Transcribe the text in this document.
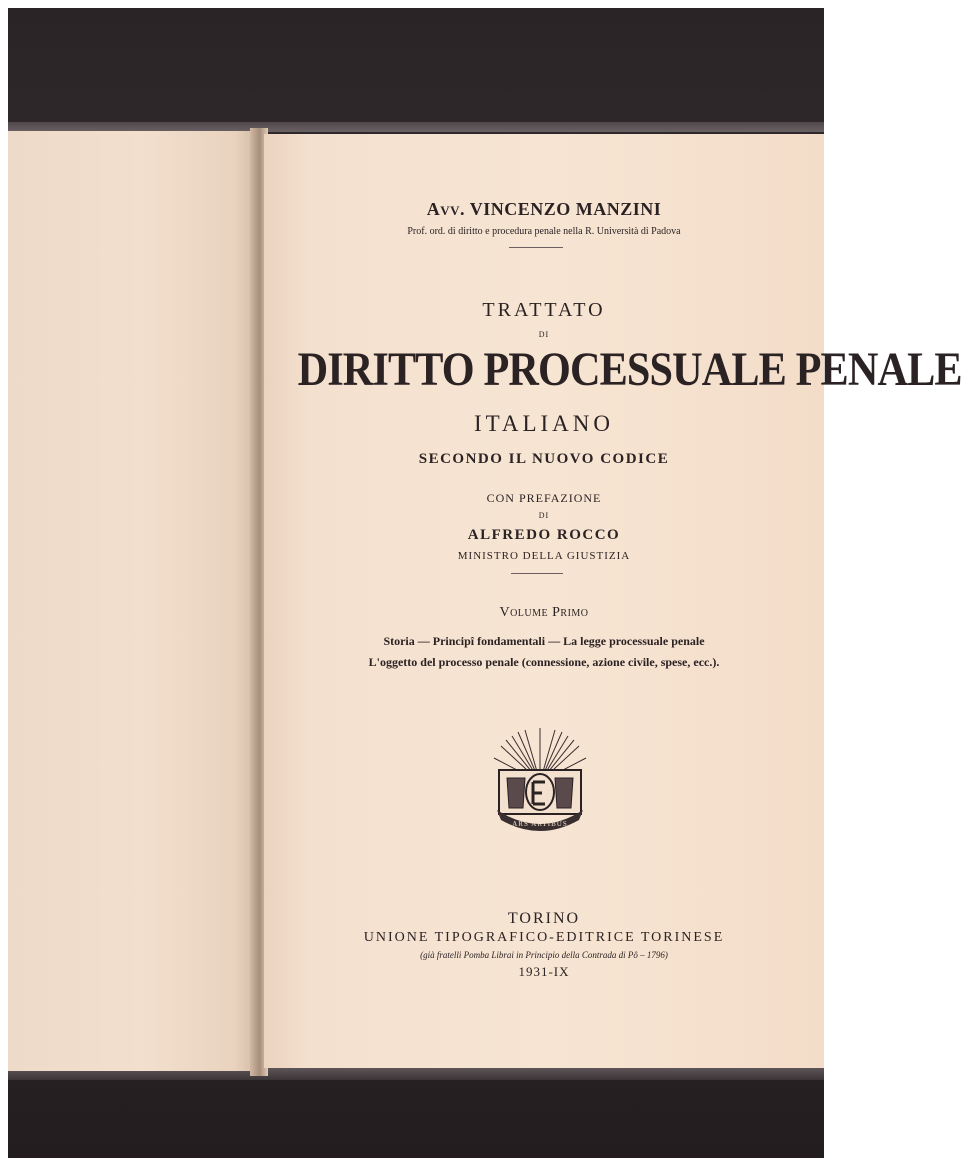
Avv. VINCENZO MANZINI

Prof. ord. di diritto e procedura penale nella R. Università di Padova

TRATTATO

DI

DIRITTO PROCESSUALE PENALE

ITALIANO

SECONDO IL NUOVO CODICE

CON PREFAZIONE

DI

ALFREDO ROCCO

MINISTRO DELLA GIUSTIZIA

Volume Primo

Storia — Principî fondamentali — La legge processuale penale

L'oggetto del processo penale (connessione, azione civile, spese, ecc.).

ARS ARTIBUS

TORINO

UNIONE TIPOGRAFICO-EDITRICE TORINESE

(già fratelli Pomba Librai in Principio della Contrada di Pô – 1796)

1931-IX
